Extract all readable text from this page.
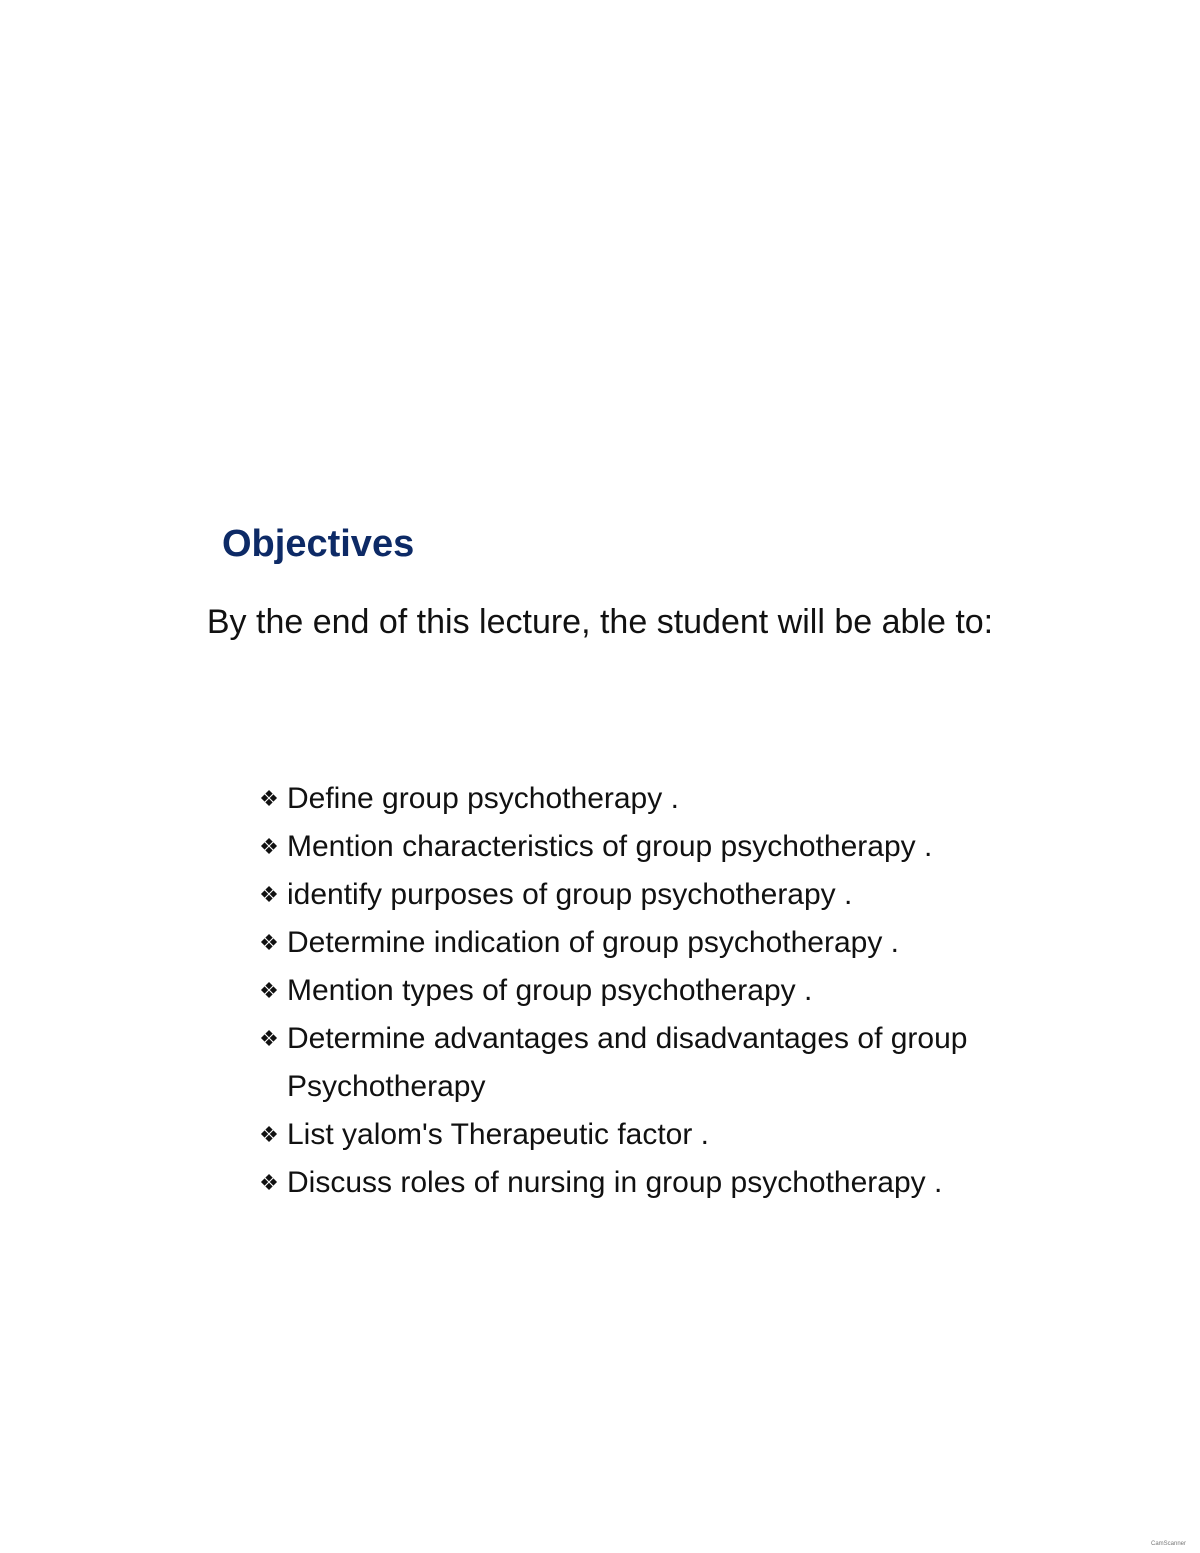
Objectives

By the end of this lecture, the student will be able to:

❖ Define group psychotherapy .
❖ Mention characteristics of group psychotherapy .
❖ identify purposes of group psychotherapy .
❖ Determine indication of group psychotherapy .
❖ Mention types of group psychotherapy .
❖ Determine advantages and disadvantages of group Psychotherapy
❖ List yalom's Therapeutic factor .
❖ Discuss roles of nursing in group psychotherapy .
CamScanner
